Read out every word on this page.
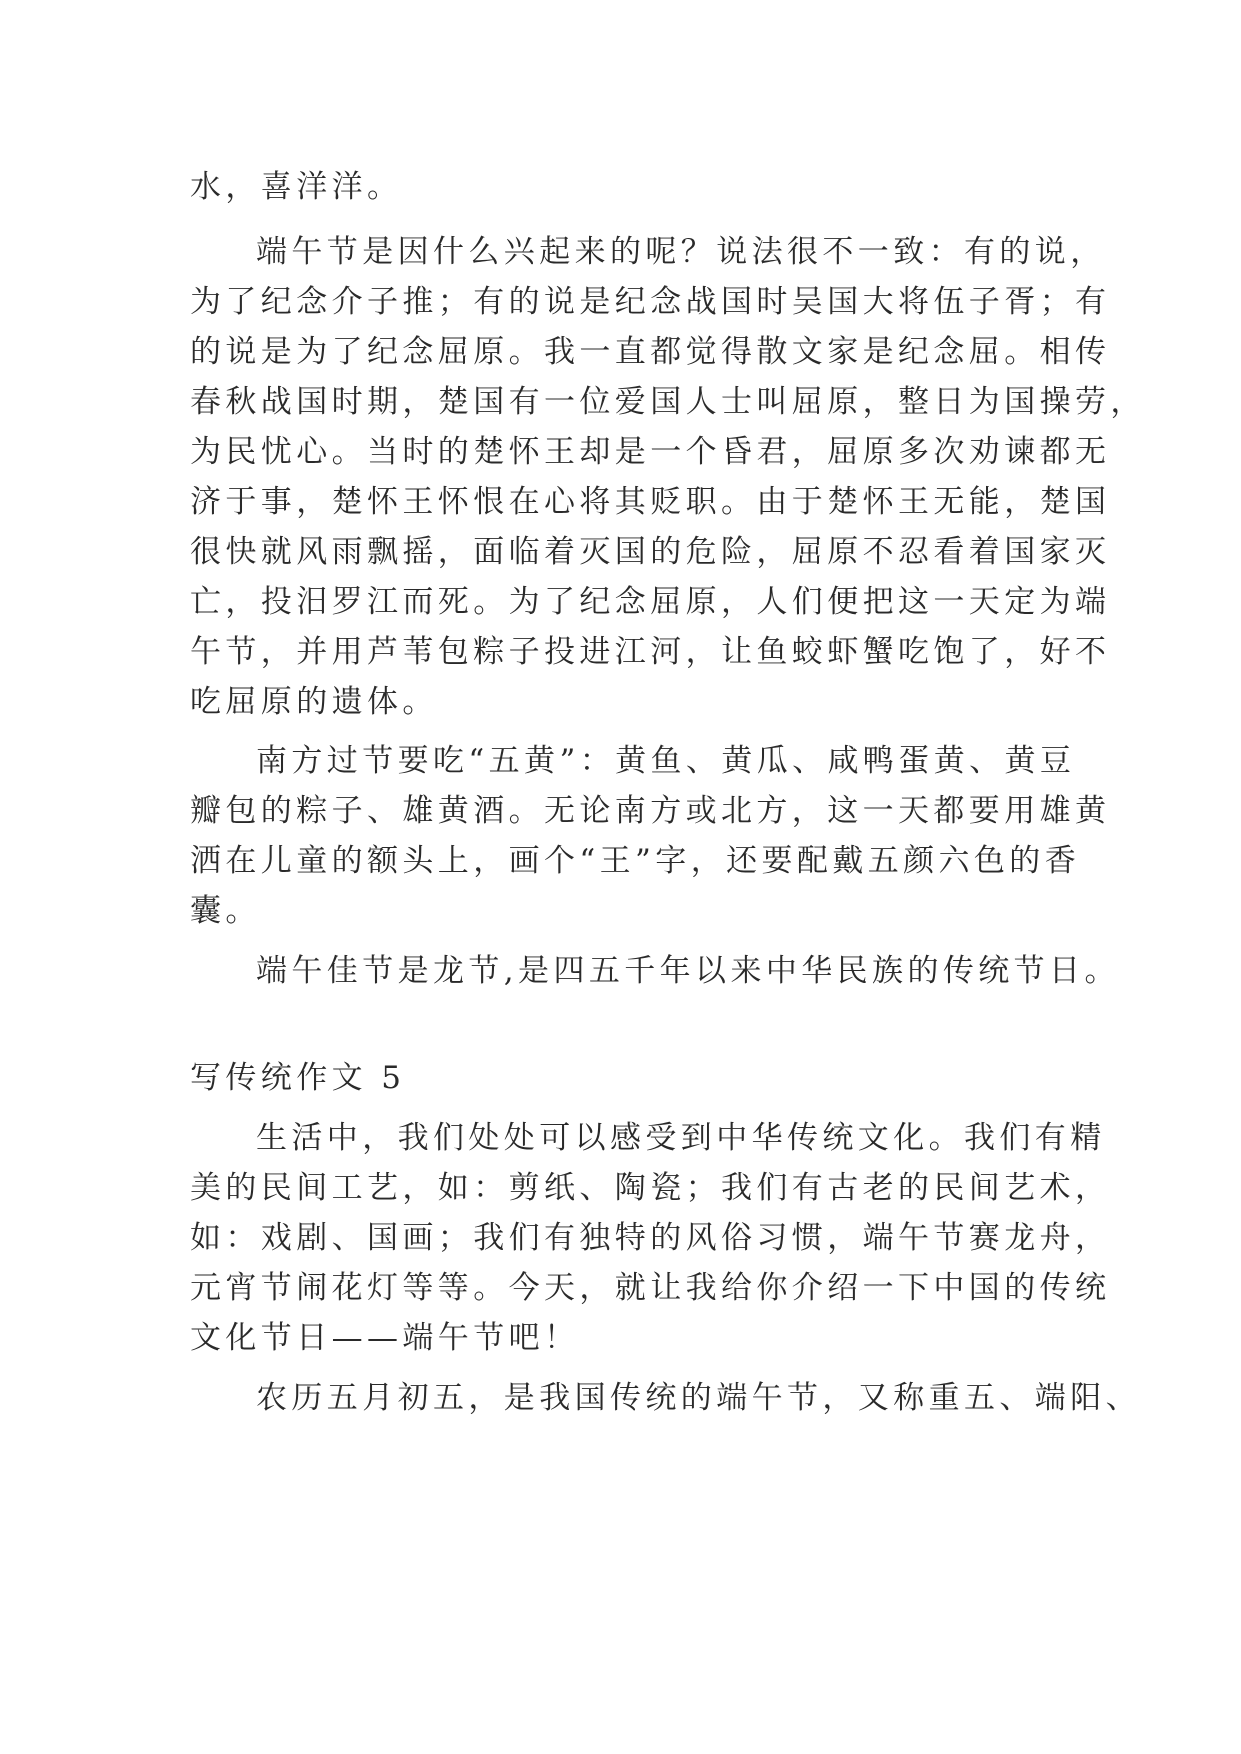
水，喜洋洋。
端午节是因什么兴起来的呢？说法很不一致：有的说，
为了纪念介子推；有的说是纪念战国时吴国大将伍子胥；有
的说是为了纪念屈原。我一直都觉得散文家是纪念屈。相传
春秋战国时期，楚国有一位爱国人士叫屈原，整日为国操劳，
为民忧心。当时的楚怀王却是一个昏君，屈原多次劝谏都无
济于事，楚怀王怀恨在心将其贬职。由于楚怀王无能，楚国
很快就风雨飘摇，面临着灭国的危险，屈原不忍看着国家灭
亡，投汨罗江而死。为了纪念屈原，人们便把这一天定为端
午节，并用芦苇包粽子投进江河，让鱼蛟虾蟹吃饱了，好不
吃屈原的遗体。
南方过节要吃“五黄”：黄鱼、黄瓜、咸鸭蛋黄、黄豆
瓣包的粽子、雄黄酒。无论南方或北方，这一天都要用雄黄
洒在儿童的额头上，画个“王”字，还要配戴五颜六色的香
囊。
端午佳节是龙节,是四五千年以来中华民族的传统节日。
写传统作文 5
生活中，我们处处可以感受到中华传统文化。我们有精
美的民间工艺，如：剪纸、陶瓷；我们有古老的民间艺术，
如：戏剧、国画；我们有独特的风俗习惯，端午节赛龙舟，
元宵节闹花灯等等。今天，就让我给你介绍一下中国的传统
文化节日——端午节吧！
农历五月初五，是我国传统的端午节，又称重五、端阳、
